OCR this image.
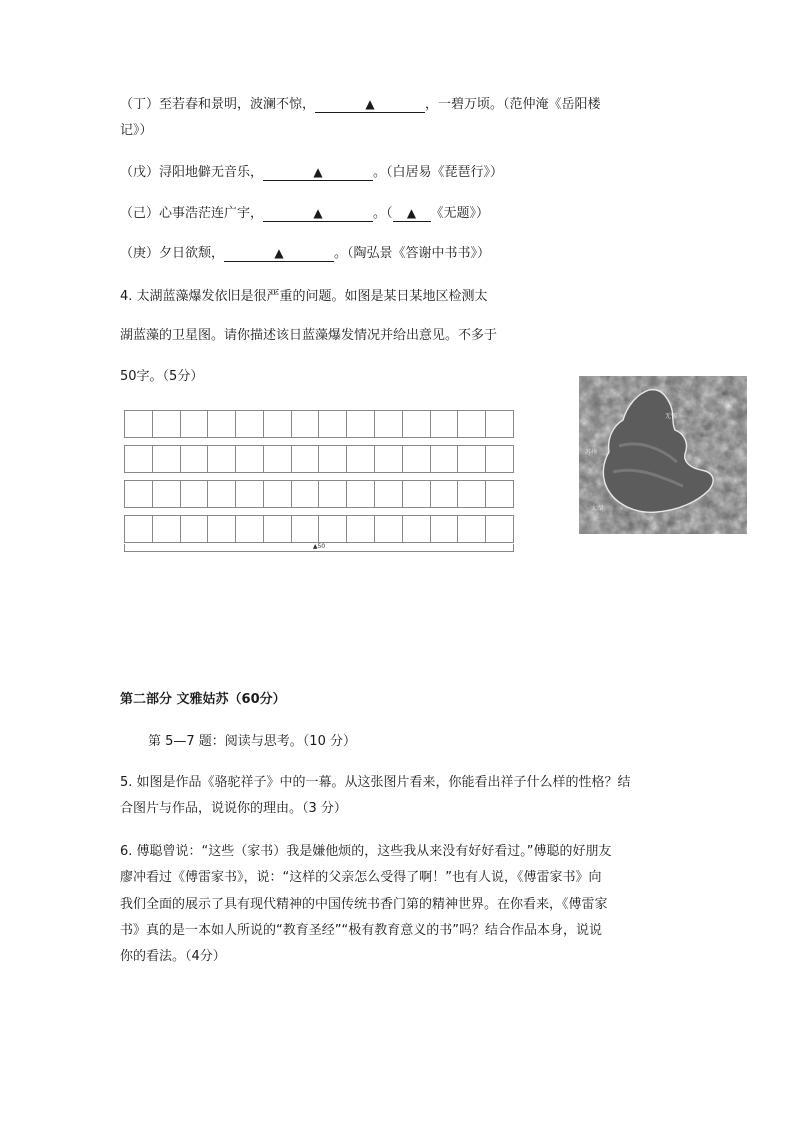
（丁）至若春和景明，波澜不惊，	▲	，一碧万顷。（范仲淹《岳阳楼
记》）
（戊）浔阳地僻无音乐，	▲	。（白居易《琵琶行》）
（己）心事浩茫连广宇，	▲	。（ ▲ 《无题》）
（庚）夕日欲颓，	▲	。（陶弘景《答谢中书书》）
4. 太湖蓝藻爆发依旧是很严重的问题。如图是某日某地区检测太
湖蓝藻的卫星图。请你描述该日蓝藻爆发情况并给出意见。不多于
50字。（5分）
▲50
苏州
无锡
太湖
第二部分 文雅姑苏（60分）
第 5—7 题：阅读与思考。（10 分）
5. 如图是作品《骆驼祥子》中的一幕。从这张图片看来，你能看出祥子什么样的性格？结
合图片与作品，说说你的理由。（3 分）
6. 傅聪曾说：“这些（家书）我是嫌他烦的，这些我从来没有好好看过。”傅聪的好朋友
廖冲看过《傅雷家书》，说：“这样的父亲怎么受得了啊！”也有人说，《傅雷家书》向
我们全面的展示了具有现代精神的中国传统书香门第的精神世界。在你看来，《傅雷家
书》真的是一本如人所说的“教育圣经”“极有教育意义的书”吗？结合作品本身，说说
你的看法。（4分）
